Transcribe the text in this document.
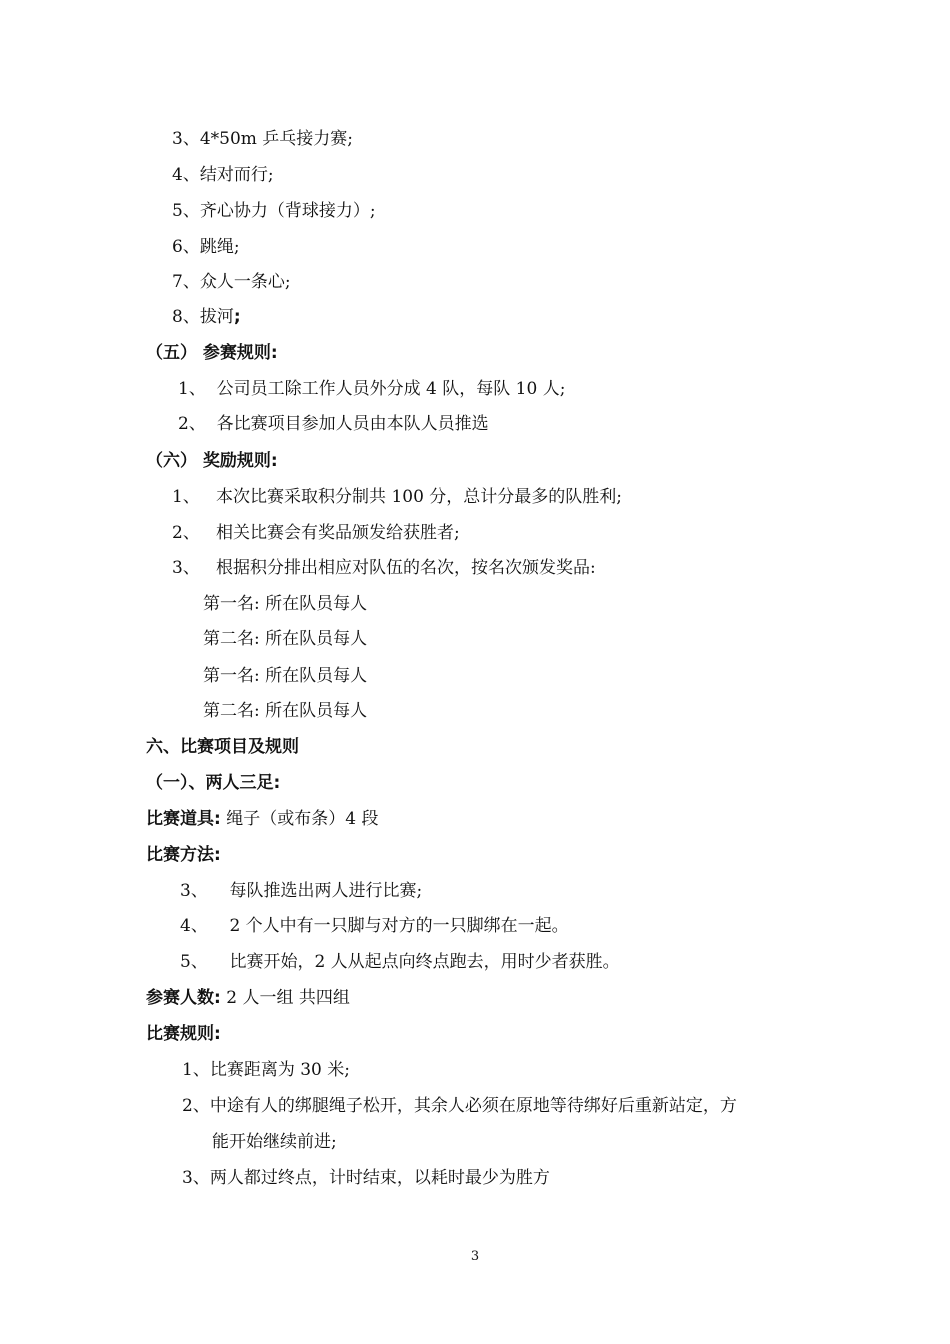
3、4*50m 乒乓接力赛;
4、结对而行;
5、齐心协力（背球接力）;
6、跳绳;
7、众人一条心;
8、拔河;
（五） 参赛规则:
1、 公司员工除工作人员外分成 4 队，每队 10 人;
2、 各比赛项目参加人员由本队人员推选
（六） 奖励规则:
1、 本次比赛采取积分制共 100 分，总计分最多的队胜利;
2、 相关比赛会有奖品颁发给获胜者;
3、 根据积分排出相应对队伍的名次，按名次颁发奖品:
第一名: 所在队员每人
第二名: 所在队员每人
第一名: 所在队员每人
第二名: 所在队员每人
六、比赛项目及规则
（一）、两人三足:
比赛道具: 绳子（或布条）4 段
比赛方法:
3、 每队推选出两人进行比赛;
4、 2 个人中有一只脚与对方的一只脚绑在一起。
5、 比赛开始，2 人从起点向终点跑去，用时少者获胜。
参赛人数: 2 人一组 共四组
比赛规则:
1、比赛距离为 30 米;
2、中途有人的绑腿绳子松开，其余人必须在原地等待绑好后重新站定，方
能开始继续前进;
3、两人都过终点，计时结束，以耗时最少为胜方
3
